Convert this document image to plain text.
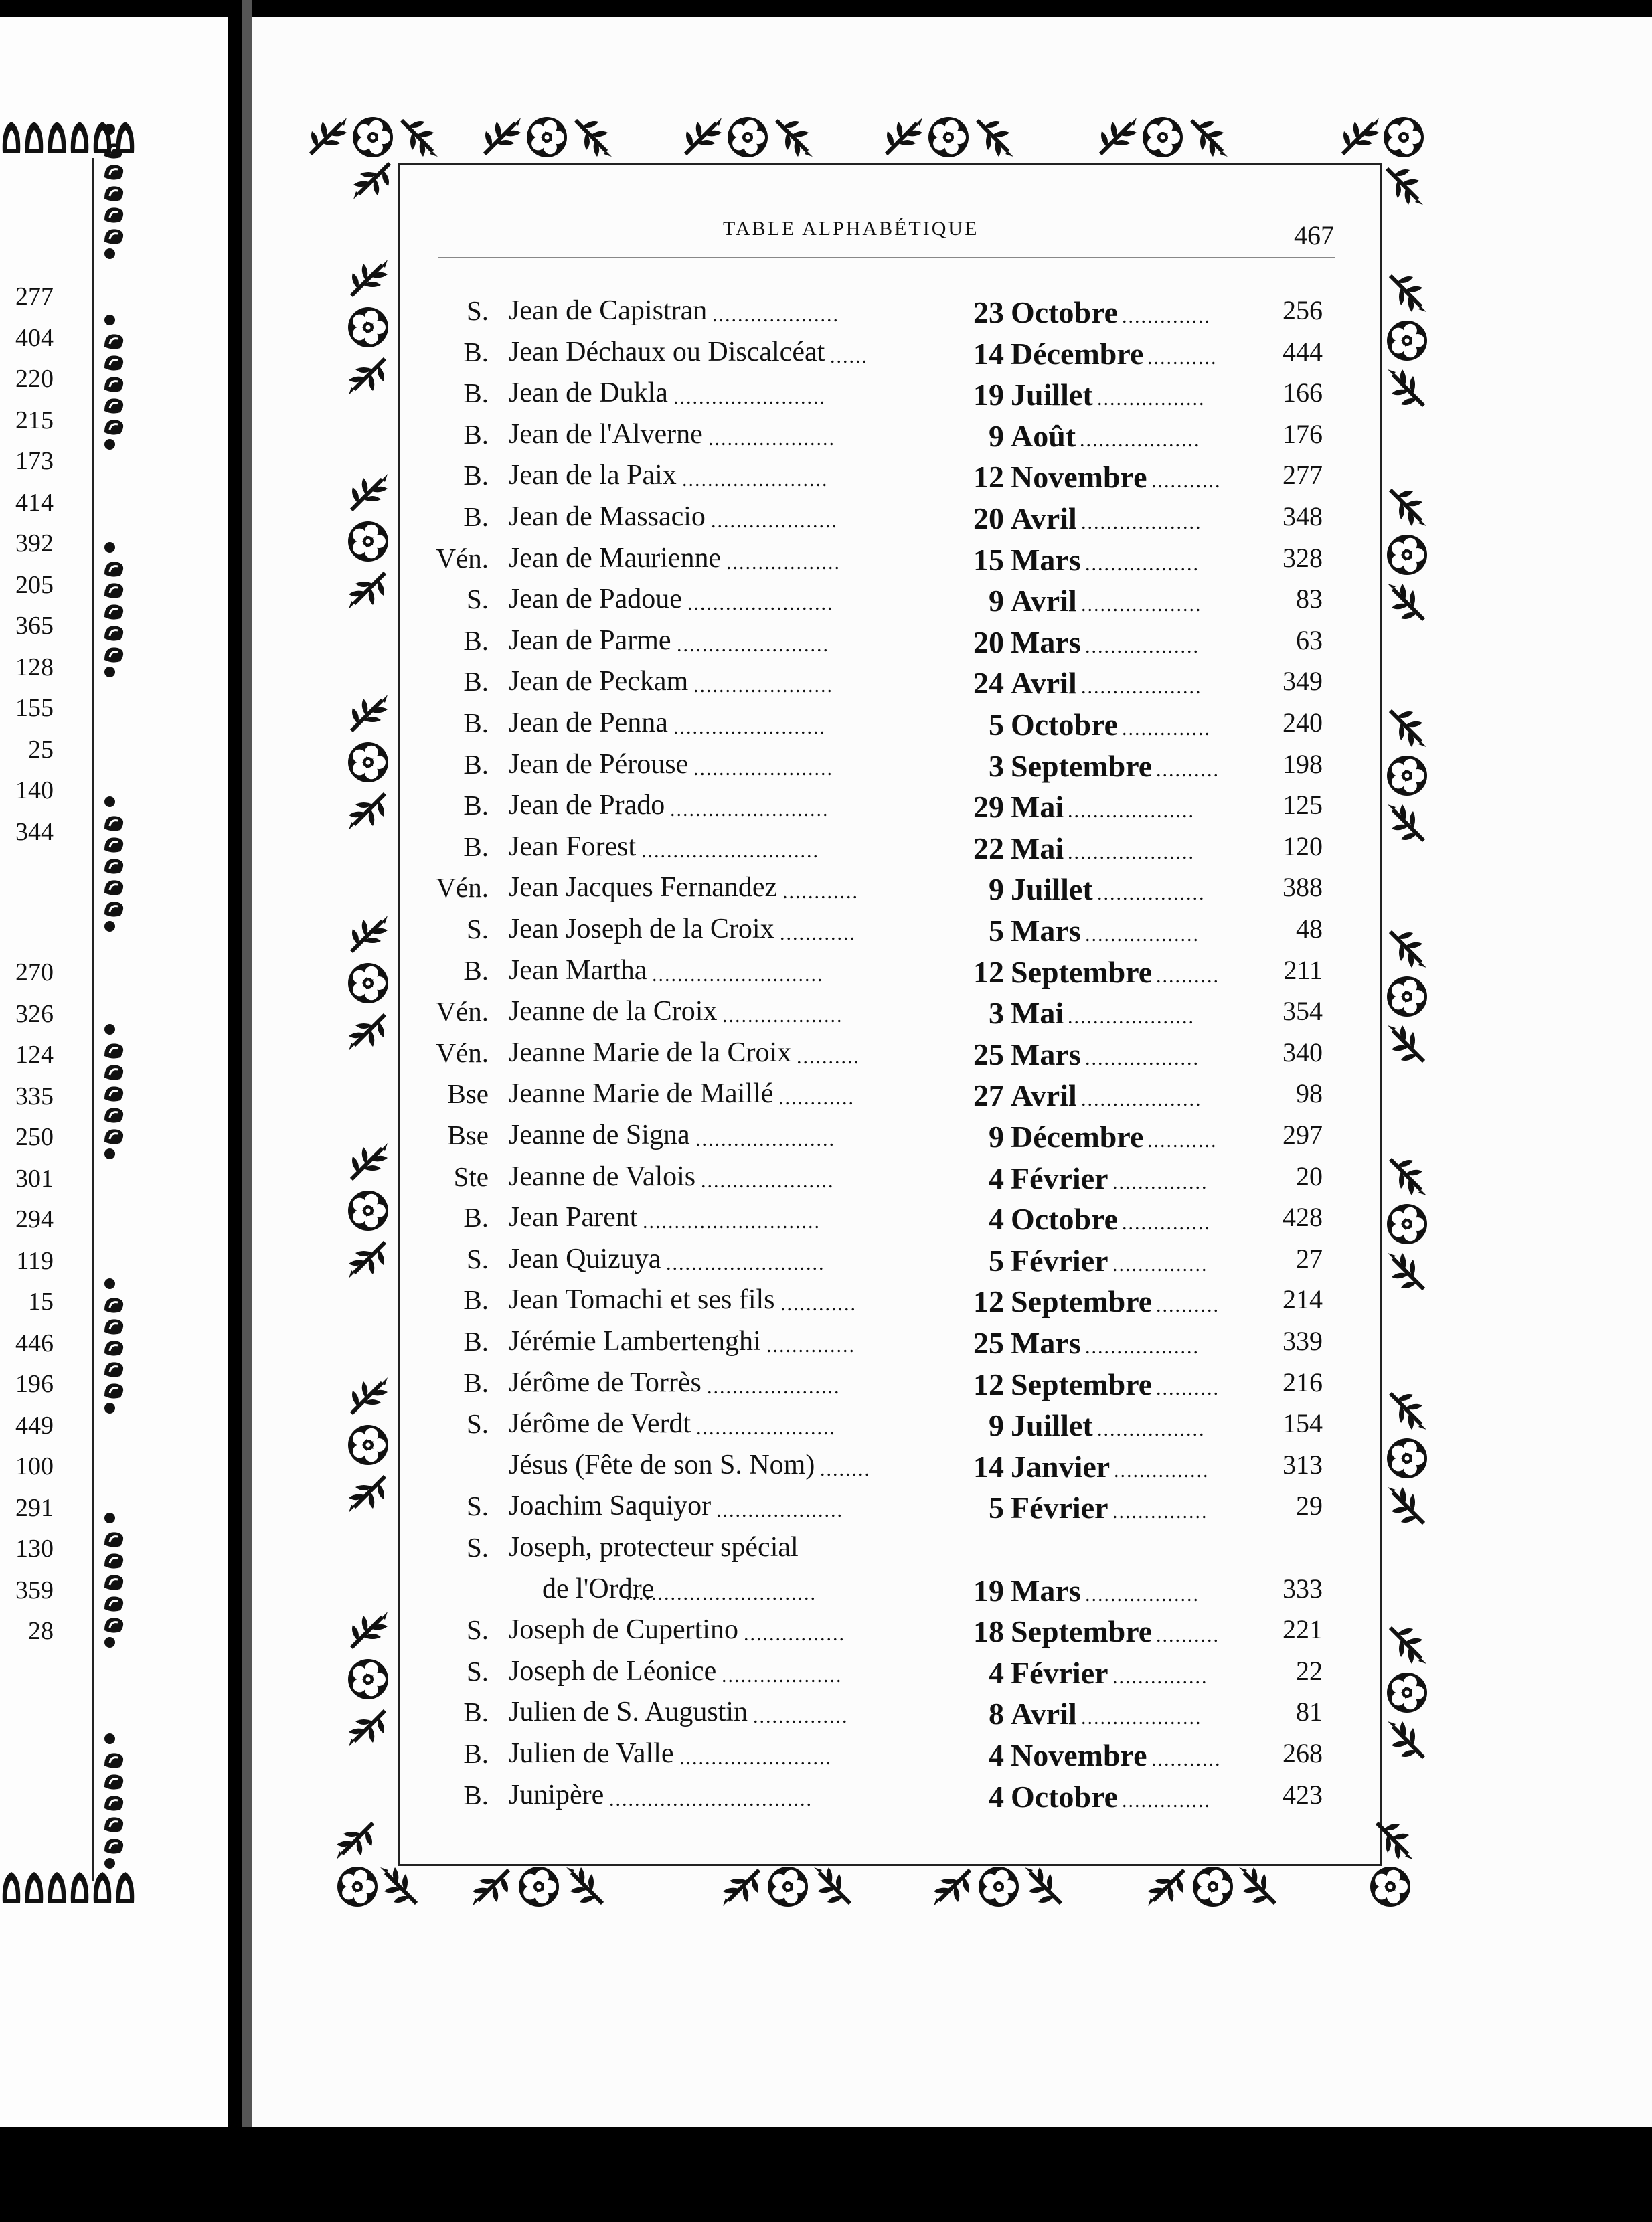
277
404
220
215
173
414
392
205
365
128
155
25
140
344
270
326
124
335
250
301
294
119
15
446
196
449
100
291
130
359
28
TABLE ALPHABÉTIQUE	467
S. Jean de Capistran	23 Octobre	256
....................	..............
B. Jean Déchaux ou Discalcéat	14 Décembre	444
......	...........
B. Jean de Dukla	19 Juillet	166
........................	.................
B. Jean de l'Alverne	9 Août	176
....................	...................
B. Jean de la Paix	12 Novembre	277
.......................	...........
B. Jean de Massacio	20 Avril	348
....................	...................
Vén. Jean de Maurienne	15 Mars	328
..................	..................
S. Jean de Padoue	9 Avril	83
.......................	...................
B. Jean de Parme	20 Mars	63
........................	..................
B. Jean de Peckam	24 Avril	349
......................	...................
B. Jean de Penna	5 Octobre	240
........................	..............
B. Jean de Pérouse	3 Septembre	198
......................	..........
B. Jean de Prado	29 Mai	125
.........................	....................
B. Jean Forest	22 Mai	120
............................	....................
Vén. Jean Jacques Fernandez	9 Juillet	388
............	.................
S. Jean Joseph de la Croix	5 Mars	48
............	..................
B. Jean Martha	12 Septembre	211
...........................	..........
Vén. Jeanne de la Croix	3 Mai	354
...................	....................
Vén. Jeanne Marie de la Croix	25 Mars	340
..........	..................
Bse Jeanne Marie de Maillé	27 Avril	98
............	...................
Bse Jeanne de Signa	9 Décembre	297
......................	...........
Ste Jeanne de Valois	4 Février	20
.....................	...............
B. Jean Parent	4 Octobre	428
............................	..............
S. Jean Quizuya	5 Février	27
.........................	...............
B. Jean Tomachi et ses fils	12 Septembre	214
............	..........
B. Jérémie Lambertenghi	25 Mars	339
..............	..................
B. Jérôme de Torrès	12 Septembre	216
.....................	..........
S. Jérôme de Verdt	9 Juillet	154
......................	.................
Jésus (Fête de son S. Nom)	14 Janvier	313
........	...............
S. Joachim Saquiyor	5 Février	29
....................	...............
S. Joseph, protecteur spécial
de l'Ordre	19 Mars	333
..............................	..................
S. Joseph de Cupertino	18 Septembre	221
................	..........
S. Joseph de Léonice	4 Février	22
...................	...............
B. Julien de S. Augustin	8 Avril	81
...............	...................
B. Julien de Valle	4 Novembre	268
........................	...........
B. Junipère	4 Octobre	423
................................	..............
